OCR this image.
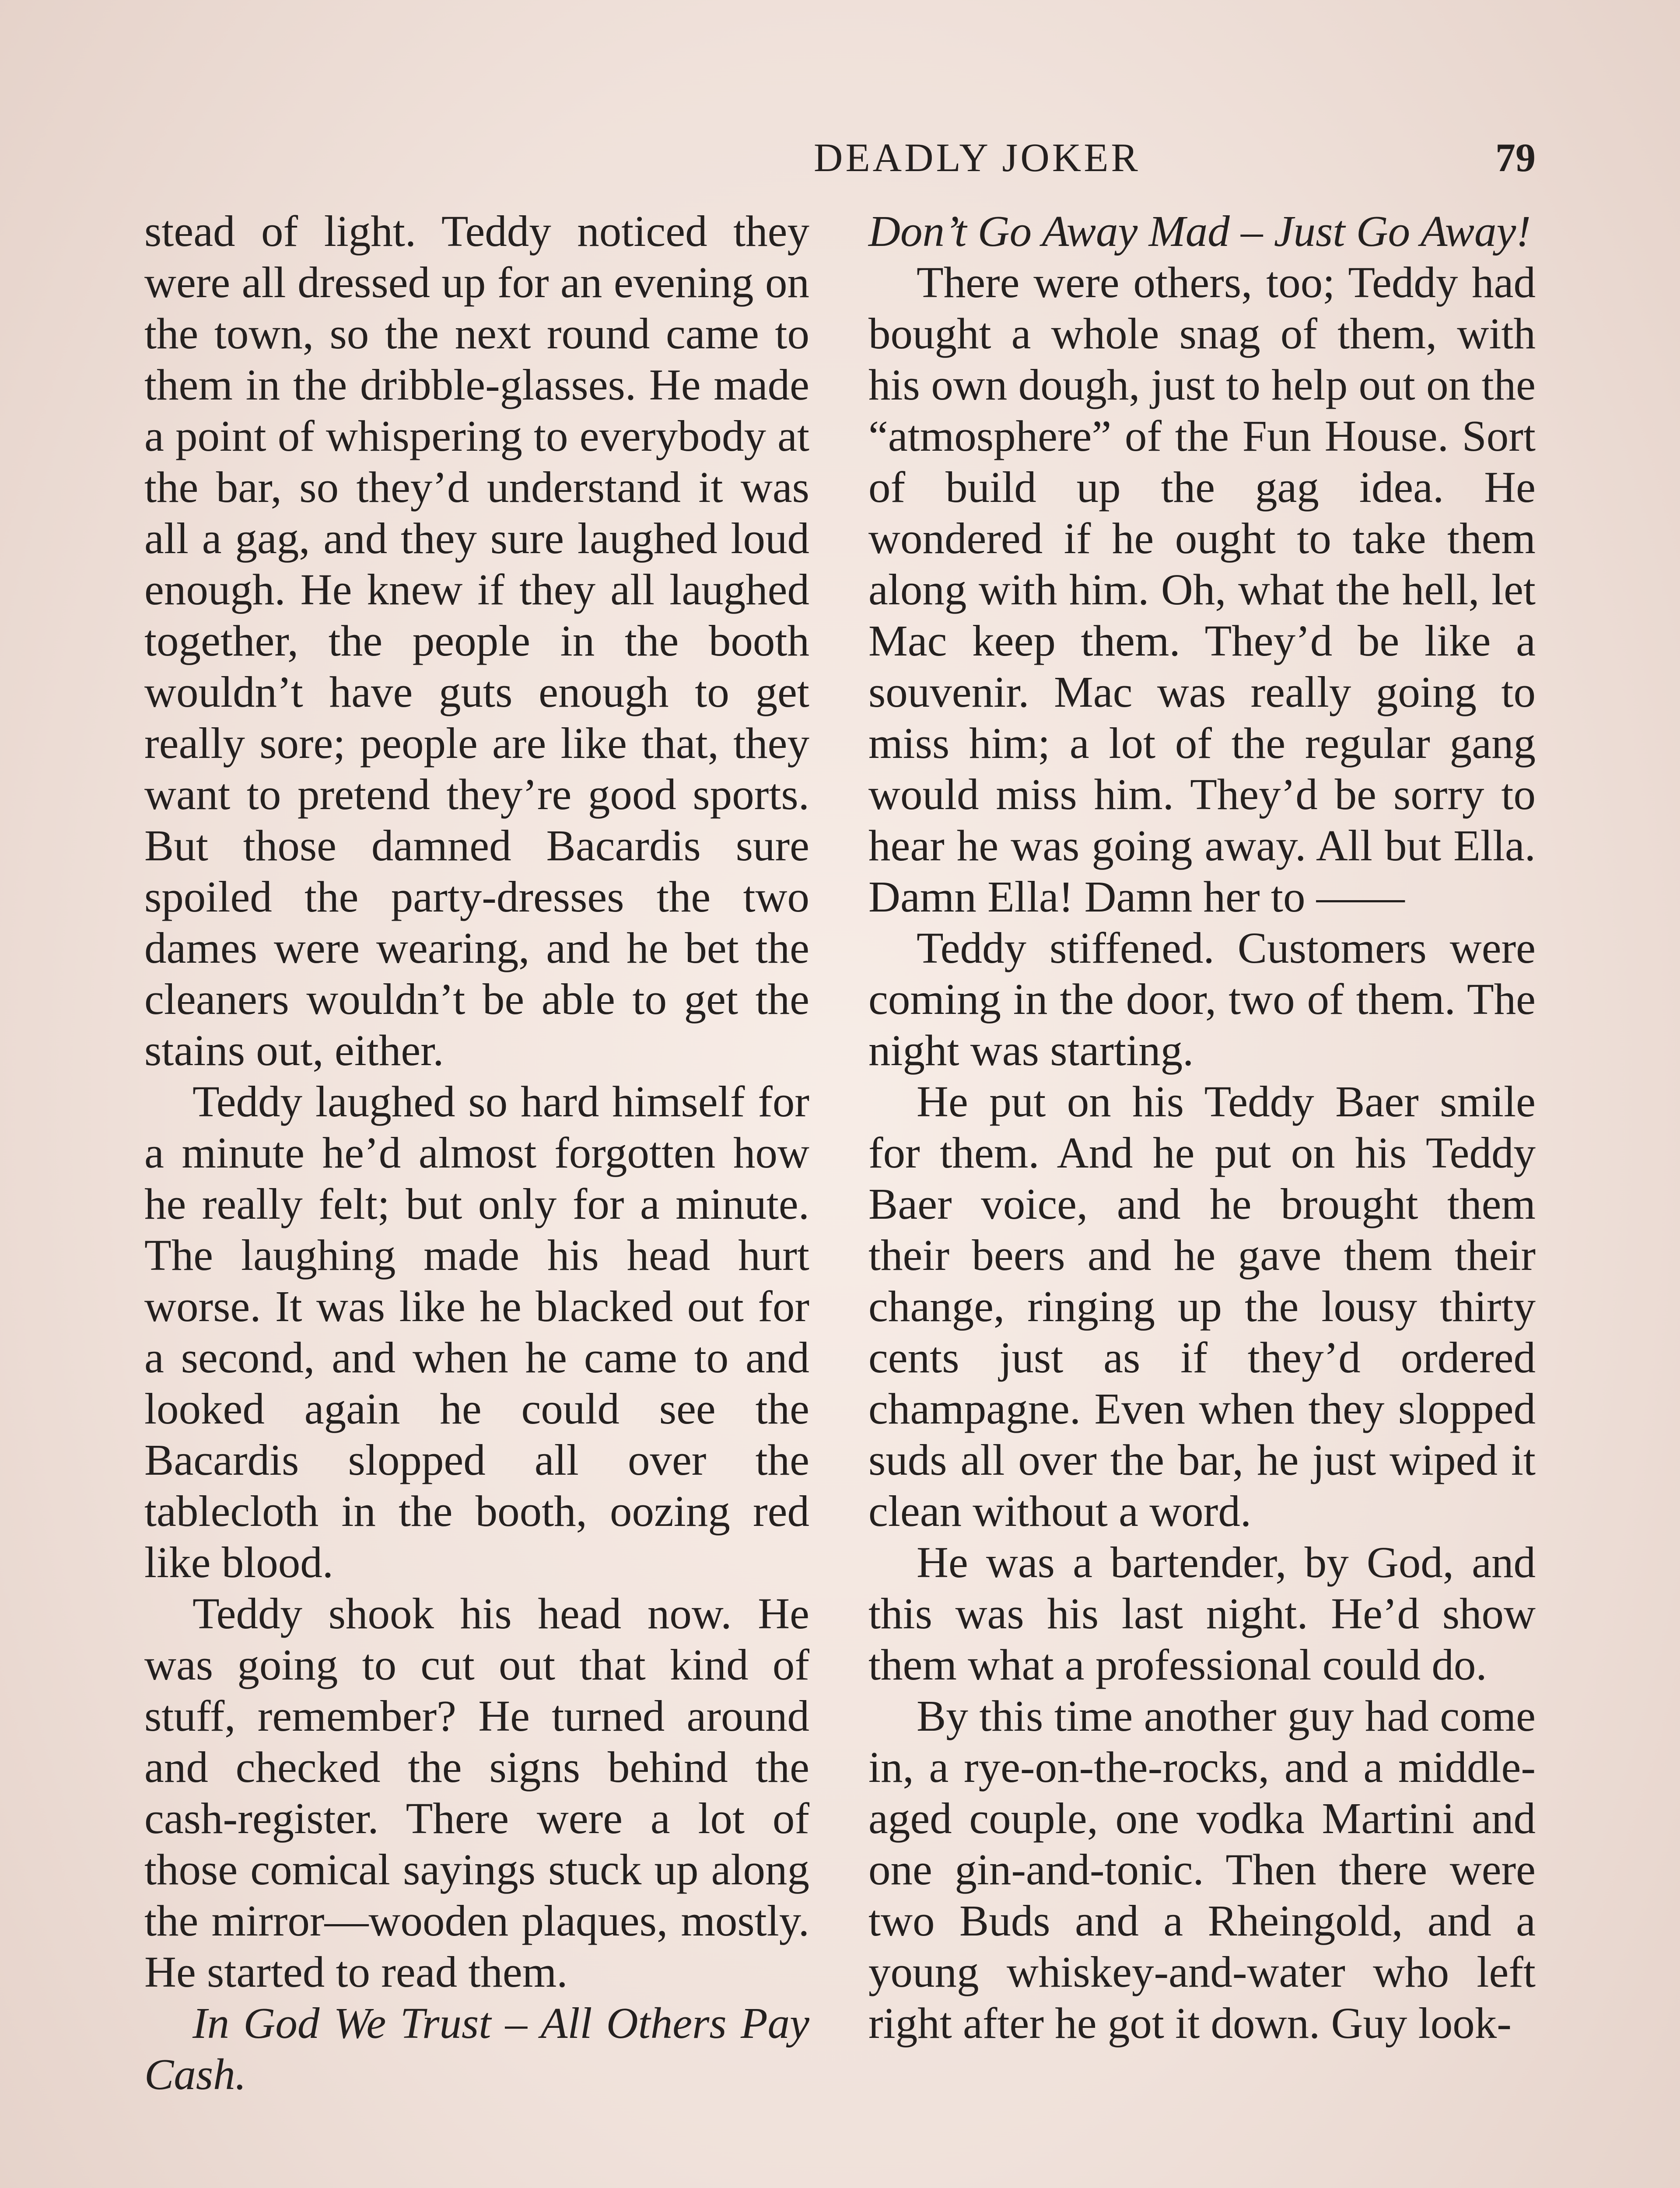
DEADLY JOKER	79

stead of light. Teddy noticed they were all dressed up for an evening on the town, so the next round came to them in the dribble-glasses. He made a point of whispering to everybody at the bar, so they’d understand it was all a gag, and they sure laughed loud enough. He knew if they all laughed together, the people in the booth wouldn’t have guts enough to get really sore; people are like that, they want to pretend they’re good sports. But those damned Bacardis sure spoiled the party-dresses the two dames were wearing, and he bet the cleaners wouldn’t be able to get the stains out, either.

Teddy laughed so hard himself for a minute he’d almost forgotten how he really felt; but only for a minute. The laughing made his head hurt worse. It was like he blacked out for a second, and when he came to and looked again he could see the Bacardis slopped all over the tablecloth in the booth, oozing red like blood.

Teddy shook his head now. He was going to cut out that kind of stuff, remember? He turned around and checked the signs behind the cash-register. There were a lot of those comical sayings stuck up along the mirror—wooden plaques, mostly. He started to read them.

In God We Trust – All Others Pay Cash.

Don’t Go Away Mad – Just Go Away!

There were others, too; Teddy had bought a whole snag of them, with his own dough, just to help out on the “atmosphere” of the Fun House. Sort of build up the gag idea. He wondered if he ought to take them along with him. Oh, what the hell, let Mac keep them. They’d be like a souvenir. Mac was really going to miss him; a lot of the regular gang would miss him. They’d be sorry to hear he was going away. All but Ella. Damn Ella! Damn her to ——

Teddy stiffened. Customers were coming in the door, two of them. The night was starting.

He put on his Teddy Baer smile for them. And he put on his Teddy Baer voice, and he brought them their beers and he gave them their change, ringing up the lousy thirty cents just as if they’d ordered champagne. Even when they slopped suds all over the bar, he just wiped it clean without a word.

He was a bartender, by God, and this was his last night. He’d show them what a professional could do.

By this time another guy had come in, a rye-on-the-rocks, and a middle-aged couple, one vodka Martini and one gin-and-tonic. Then there were two Buds and a Rheingold, and a young whiskey-and-water who left right after he got it down. Guy look-
